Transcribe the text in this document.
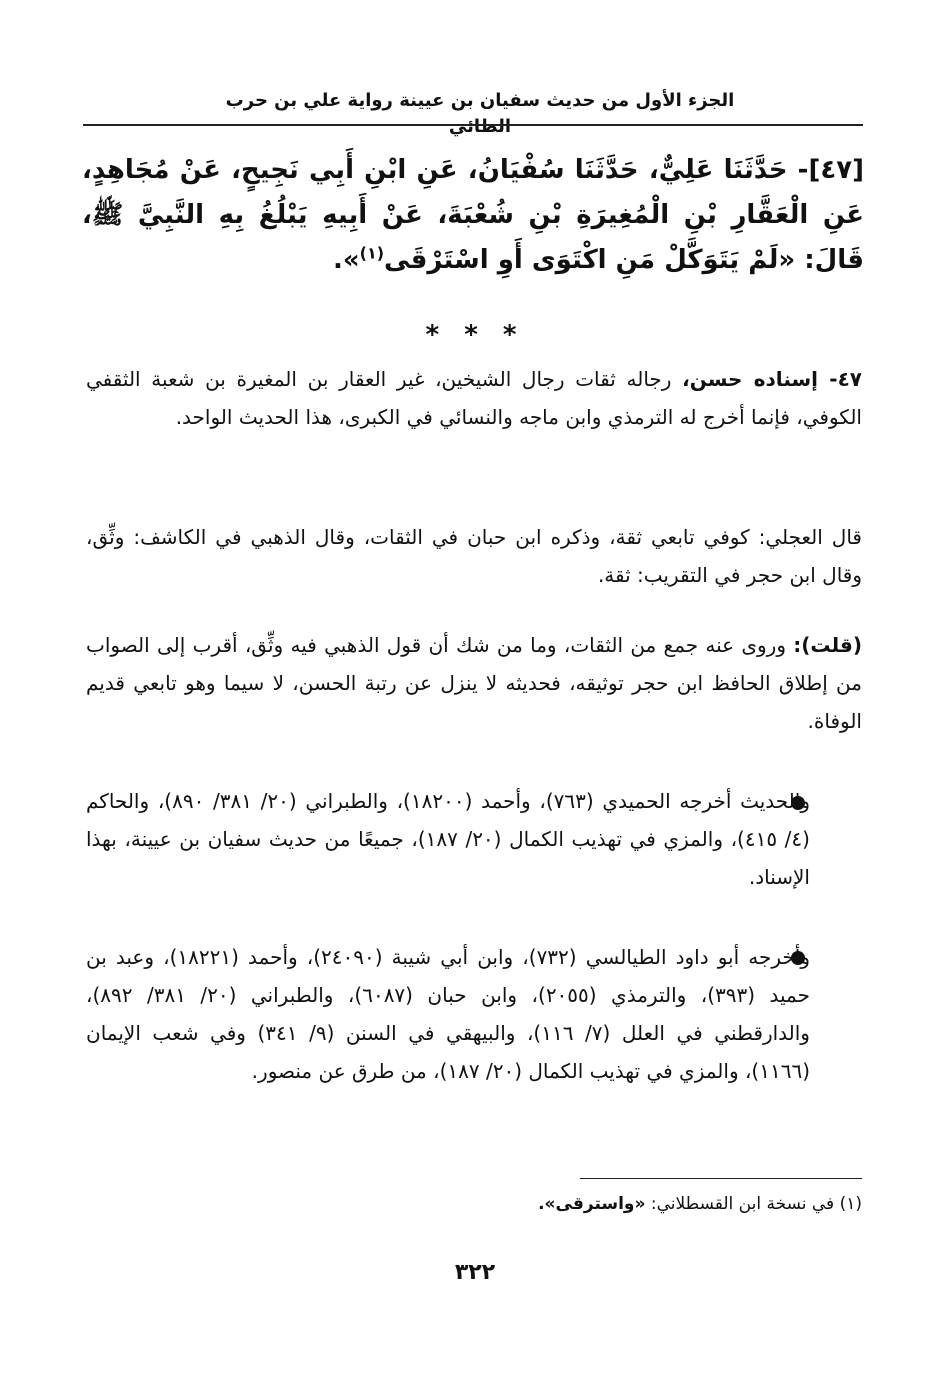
الجزء الأول من حديث سفيان بن عيينة رواية علي بن حرب الطائي
[٤٧]- حَدَّثَنَا عَلِيٌّ، حَدَّثَنَا سُفْيَانُ، عَنِ ابْنِ أَبِي نَجِيحٍ، عَنْ مُجَاهِدٍ، عَنِ الْعَقَّارِ بْنِ الْمُغِيرَةِ بْنِ شُعْبَةَ، عَنْ أَبِيهِ يَبْلُغُ بِهِ النَّبِيَّ ﷺ، قَالَ: «لَمْ يَتَوَكَّلْ مَنِ اكْتَوَى أَوِ اسْتَرْقَى$^{(١)}$».
* * *
٤٧- إسناده حسن، رجاله ثقات رجال الشيخين، غير العقار بن المغيرة بن شعبة الثقفي الكوفي، فإنما أخرج له الترمذي وابن ماجه والنسائي في الكبرى، هذا الحديث الواحد.
قال العجلي: كوفي تابعي ثقة، وذكره ابن حبان في الثقات، وقال الذهبي في الكاشف: وثِّق، وقال ابن حجر في التقريب: ثقة.
(قلت): وروى عنه جمع من الثقات، وما من شك أن قول الذهبي فيه وثِّق، أقرب إلى الصواب من إطلاق الحافظ ابن حجر توثيقه، فحديثه لا ينزل عن رتبة الحسن، لا سيما وهو تابعي قديم الوفاة.
والحديث أخرجه الحميدي (٧٦٣)، وأحمد (١٨٢٠٠)، والطبراني (٢٠/ ٣٨١/ ٨٩٠)، والحاكم (٤/ ٤١٥)، والمزي في تهذيب الكمال (٢٠/ ١٨٧)، جميعًا من حديث سفيان بن عيينة، بهذا الإسناد.
وأخرجه أبو داود الطيالسي (٧٣٢)، وابن أبي شيبة (٢٤٠٩٠)، وأحمد (١٨٢٢١)، وعبد بن حميد (٣٩٣)، والترمذي (٢٠٥٥)، وابن حبان (٦٠٨٧)، والطبراني (٢٠/ ٣٨١/ ٨٩٢)، والدارقطني في العلل (٧/ ١١٦)، والبيهقي في السنن (٩/ ٣٤١) وفي شعب الإيمان (١١٦٦)، والمزي في تهذيب الكمال (٢٠/ ١٨٧)، من طرق عن منصور.
(١) في نسخة ابن القسطلاني: «واسترقى».
٣٢٢
